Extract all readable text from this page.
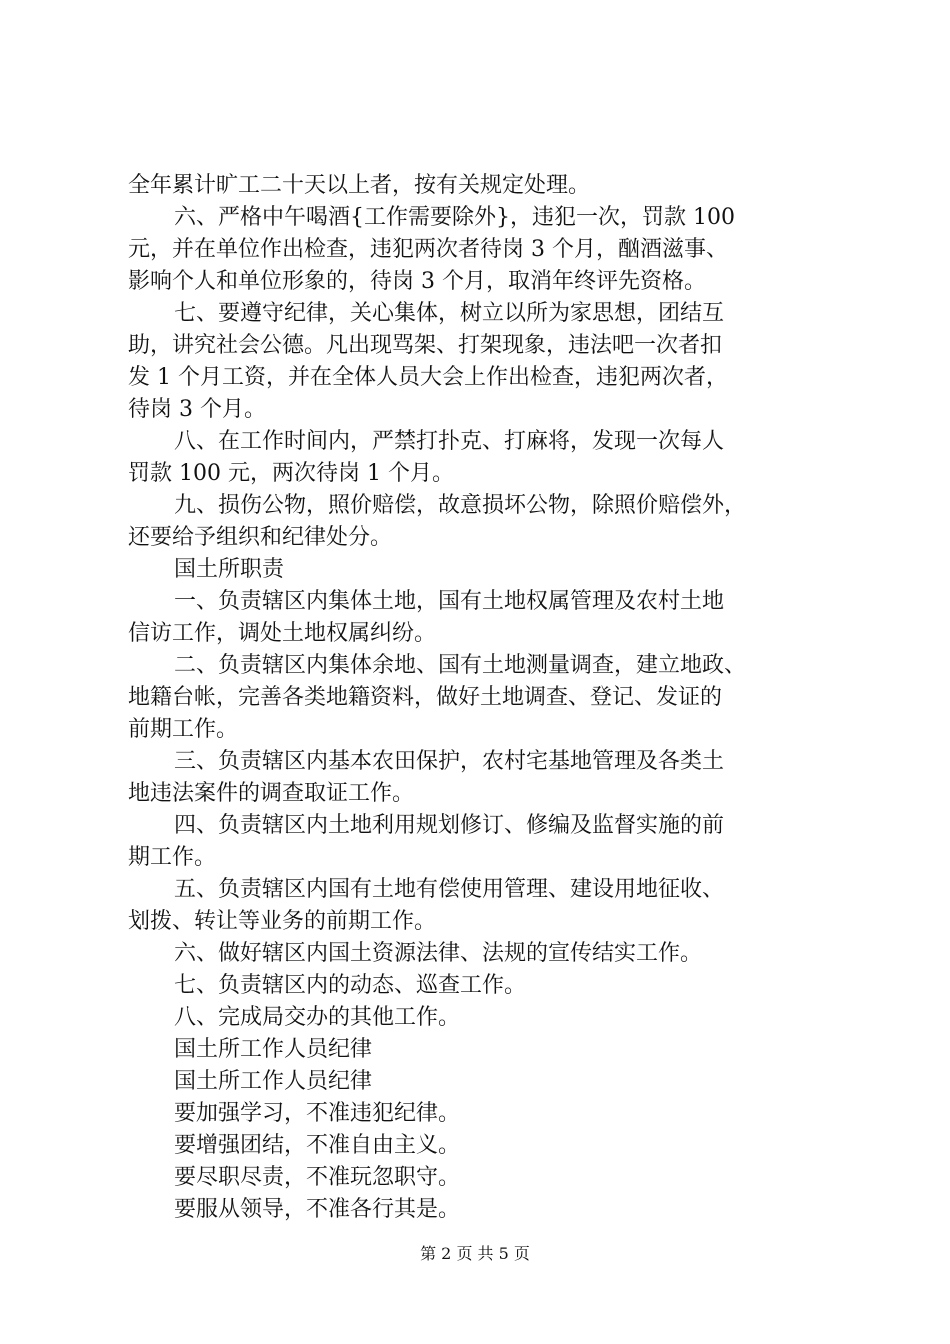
全年累计旷工二十天以上者，按有关规定处理。
六、严格中午喝酒{工作需要除外}，违犯一次，罚款 100
元，并在单位作出检查，违犯两次者待岗 3 个月，酗酒滋事、
影响个人和单位形象的，待岗 3 个月，取消年终评先资格。
七、要遵守纪律，关心集体，树立以所为家思想，团结互
助，讲究社会公德。凡出现骂架、打架现象，违法吧一次者扣
发 1 个月工资，并在全体人员大会上作出检查，违犯两次者，
待岗 3 个月。
八、在工作时间内，严禁打扑克、打麻将，发现一次每人
罚款 100 元，两次待岗 1 个月。
九、损伤公物，照价赔偿，故意损坏公物，除照价赔偿外，
还要给予组织和纪律处分。
国土所职责
一、负责辖区内集体土地，国有土地权属管理及农村土地
信访工作，调处土地权属纠纷。
二、负责辖区内集体余地、国有土地测量调查，建立地政、
地籍台帐，完善各类地籍资料，做好土地调查、登记、发证的
前期工作。
三、负责辖区内基本农田保护，农村宅基地管理及各类土
地违法案件的调查取证工作。
四、负责辖区内土地利用规划修订、修编及监督实施的前
期工作。
五、负责辖区内国有土地有偿使用管理、建设用地征收、
划拨、转让等业务的前期工作。
六、做好辖区内国土资源法律、法规的宣传结实工作。
七、负责辖区内的动态、巡查工作。
八、完成局交办的其他工作。
国土所工作人员纪律
国土所工作人员纪律
要加强学习，不准违犯纪律。
要增强团结，不准自由主义。
要尽职尽责，不准玩忽职守。
要服从领导，不准各行其是。
第 2 页 共 5 页
